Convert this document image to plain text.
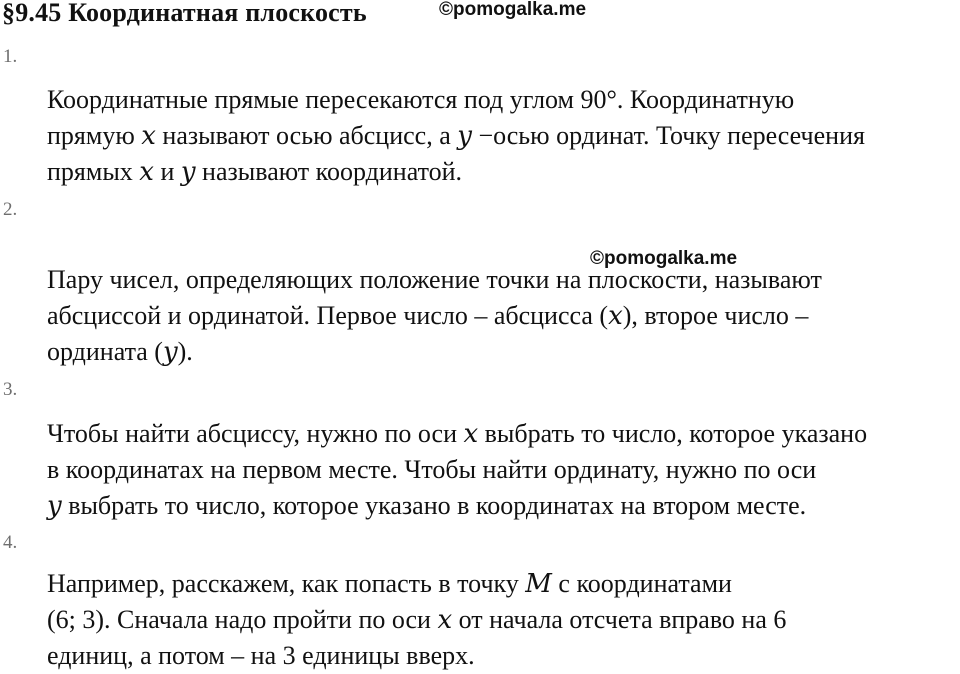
§9.45 Координатная плоскость	©pomogalka.me
©pomogalka.me
1.
Координатные прямые пересекаются под углом 90°. Координатную
прямую 𝑥 называют осью абсцисс, а 𝑦 −осью ординат. Точку пересечения
прямых 𝑥 и 𝑦 называют координатой.
2.
Пару чисел, определяющих положение точки на плоскости, называют
абсциссой и ординатой. Первое число – абсцисса (𝑥), второе число –
ордината (𝑦).
3.
Чтобы найти абсциссу, нужно по оси 𝑥 выбрать то число, которое указано
в координатах на первом месте. Чтобы найти ординату, нужно по оси
𝑦 выбрать то число, которое указано в координатах на втором месте.
4.
Например, расскажем, как попасть в точку 𝑀 с координатами
(6; 3). Сначала надо пройти по оси 𝑥 от начала отсчета вправо на 6
единиц, а потом – на 3 единицы вверх.
